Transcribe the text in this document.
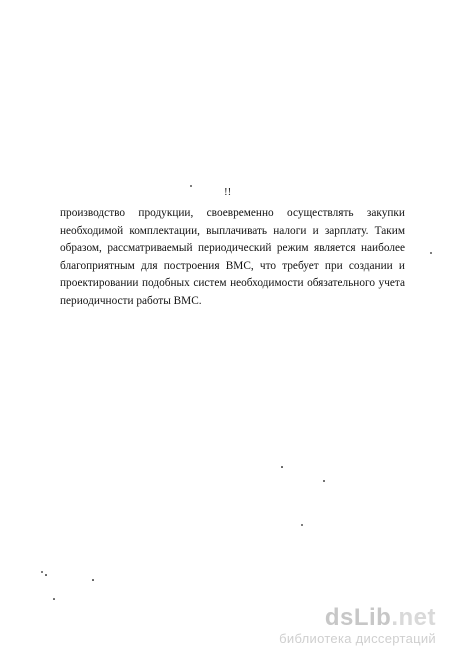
!!
производство продукции, своевременно осуществлять закупки
необходимой комплектации, выплачивать налоги и зарплату. Таким
образом, рассматриваемый периодический режим является наиболее
благоприятным для построения ВМС, что требует при создании и
проектировании подобных систем необходимости обязательного учета
периодичности работы ВМС.
dsLib.net
библиотека диссертаций
